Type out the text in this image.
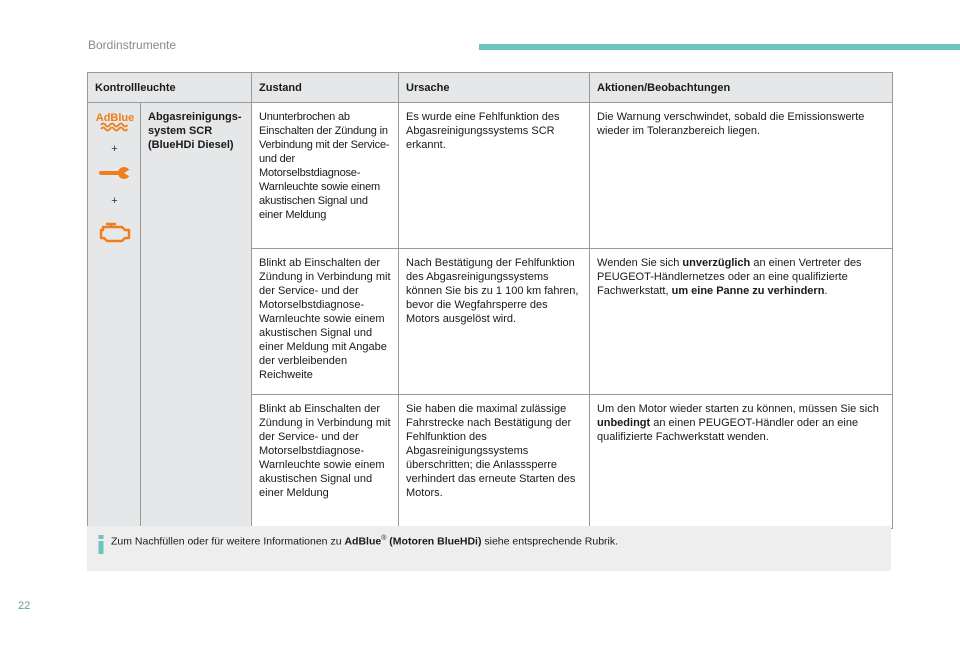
Bordinstrumente
Kontrollleuchte		Zustand	Ursache	Aktionen/Beobachtungen

AdBlue
+
+	Abgasreinigungs-system SCR (BlueHDi Diesel)	Ununterbrochen ab Einschalten der Zündung in Verbindung mit der Service- und der Motorselbstdiagnose-Warnleuchte sowie einem akustischen Signal und einer Meldung	Es wurde eine Fehlfunktion des Abgasreinigungssystems SCR erkannt.	Die Warnung verschwindet, sobald die Emissionswerte wieder im Toleranzbereich liegen.
		Blinkt ab Einschalten der Zündung in Verbindung mit der Service- und der Motorselbstdiagnose-Warnleuchte sowie einem akustischen Signal und einer Meldung mit Angabe der verbleibenden Reichweite	Nach Bestätigung der Fehlfunktion des Abgasreinigungssystems können Sie bis zu 1 100 km fahren, bevor die Wegfahrsperre des Motors ausgelöst wird.	Wenden Sie sich unverzüglich an einen Vertreter des PEUGEOT-Händlernetzes oder an eine qualifizierte Fachwerkstatt, um eine Panne zu verhindern.
		Blinkt ab Einschalten der Zündung in Verbindung mit der Service- und der Motorselbstdiagnose-Warnleuchte sowie einem akustischen Signal und einer Meldung	Sie haben die maximal zulässige Fahrstrecke nach Bestätigung der Fehlfunktion des Abgasreinigungssystems überschritten; die Anlasssperre verhindert das erneute Starten des Motors.	Um den Motor wieder starten zu können, müssen Sie sich unbedingt an einen PEUGEOT-Händler oder an eine qualifizierte Fachwerkstatt wenden.
Zum Nachfüllen oder für weitere Informationen zu AdBlue® (Motoren BlueHDi) siehe entsprechende Rubrik.
22
